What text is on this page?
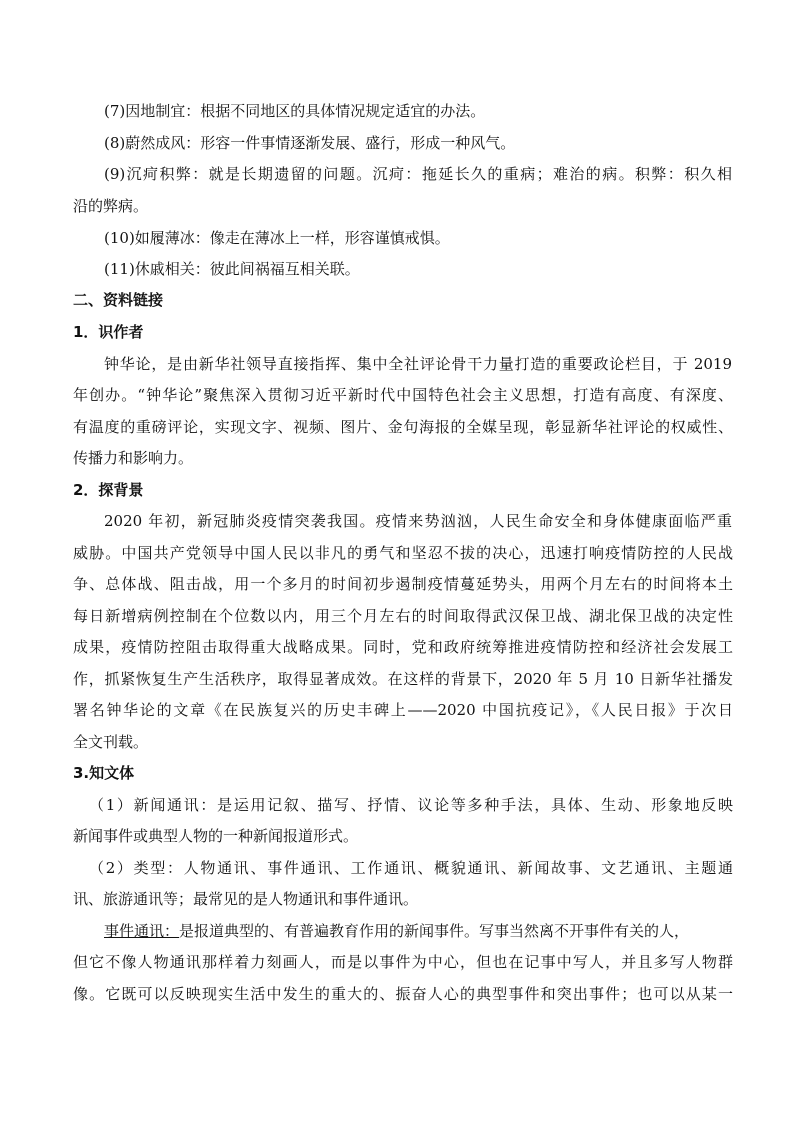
(7)因地制宜：根据不同地区的具体情况规定适宜的办法。
(8)蔚然成风：形容一件事情逐渐发展、盛行，形成一种风气。
(9)沉疴积弊：就是长期遗留的问题。沉疴：拖延长久的重病；难治的病。积弊：积久相
沿的弊病。
(10)如履薄冰：像走在薄冰上一样，形容谨慎戒惧。
(11)休戚相关：彼此间祸福互相关联。
二、资料链接
1．识作者
钟华论，是由新华社领导直接指挥、集中全社评论骨干力量打造的重要政论栏目，于 2019
年创办。“钟华论”聚焦深入贯彻习近平新时代中国特色社会主义思想，打造有高度、有深度、
有温度的重磅评论，实现文字、视频、图片、金句海报的全媒呈现，彰显新华社评论的权威性、
传播力和影响力。
2．探背景
2020 年初，新冠肺炎疫情突袭我国。疫情来势汹汹，人民生命安全和身体健康面临严重
威胁。中国共产党领导中国人民以非凡的勇气和坚忍不拔的决心，迅速打响疫情防控的人民战
争、总体战、阻击战，用一个多月的时间初步遏制疫情蔓延势头，用两个月左右的时间将本土
每日新增病例控制在个位数以内，用三个月左右的时间取得武汉保卫战、湖北保卫战的决定性
成果，疫情防控阻击取得重大战略成果。同时，党和政府统筹推进疫情防控和经济社会发展工
作，抓紧恢复生产生活秩序，取得显著成效。在这样的背景下，2020 年 5 月 10 日新华社播发
署名钟华论的文章《在民族复兴的历史丰碑上——2020 中国抗疫记》，《人民日报》于次日
全文刊载。
3.知文体
（1）新闻通讯：是运用记叙、描写、抒情、议论等多种手法，具体、生动、形象地反映
新闻事件或典型人物的一种新闻报道形式。
（2）类型：人物通讯、事件通讯、工作通讯、概貌通讯、新闻故事、文艺通讯、主题通
讯、旅游通讯等；最常见的是人物通讯和事件通讯。
事件通讯：是报道典型的、有普遍教育作用的新闻事件。写事当然离不开事件有关的人，
但它不像人物通讯那样着力刻画人，而是以事件为中心，但也在记事中写人，并且多写人物群
像。它既可以反映现实生活中发生的重大的、振奋人心的典型事件和突出事件；也可以从某一
